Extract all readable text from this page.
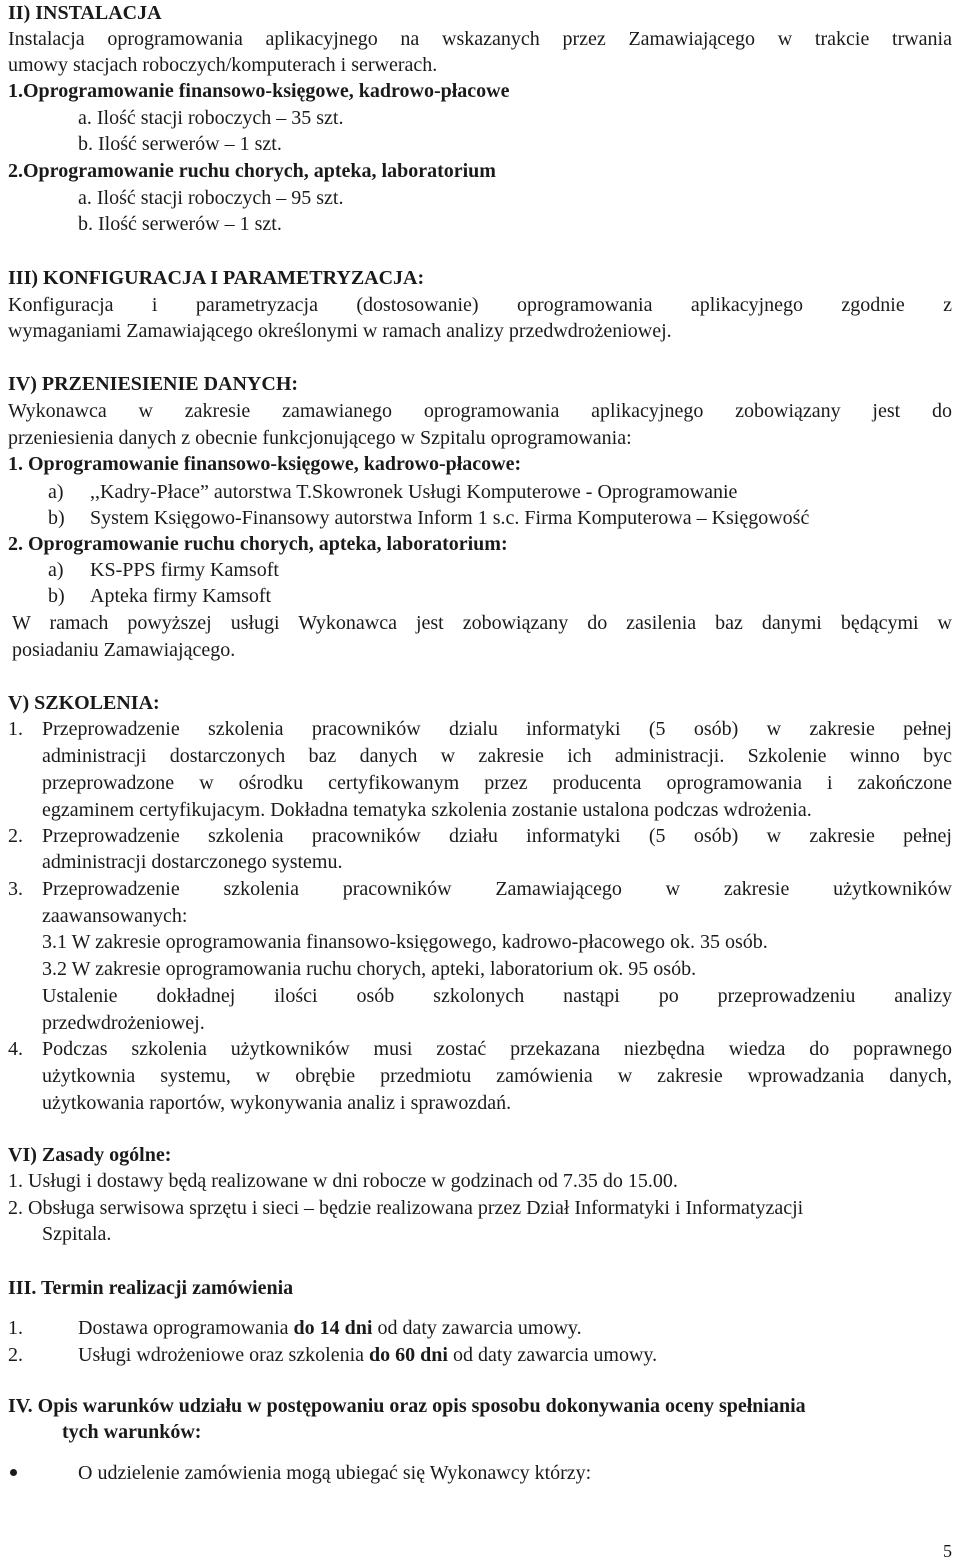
II) INSTALACJA
Instalacja oprogramowania aplikacyjnego na wskazanych przez Zamawiającego w trakcie trwania
umowy stacjach roboczych/komputerach i serwerach.
1.Oprogramowanie finansowo-księgowe, kadrowo-płacowe
a. Ilość stacji roboczych – 35 szt.
b. Ilość serwerów – 1 szt.
2.Oprogramowanie ruchu chorych, apteka, laboratorium
a. Ilość stacji roboczych – 95 szt.
b. Ilość serwerów – 1 szt.
III) KONFIGURACJA I PARAMETRYZACJA:
Konfiguracja i parametryzacja (dostosowanie) oprogramowania aplikacyjnego zgodnie z
wymaganiami Zamawiającego określonymi w ramach analizy przedwdrożeniowej.
IV) PRZENIESIENIE DANYCH:
Wykonawca w zakresie zamawianego oprogramowania aplikacyjnego zobowiązany jest do
przeniesienia danych z obecnie funkcjonującego w Szpitalu oprogramowania:
1. Oprogramowanie finansowo-księgowe, kadrowo-płacowe:
a) ,,Kadry-Płace” autorstwa T.Skowronek Usługi Komputerowe - Oprogramowanie
b) System Księgowo-Finansowy autorstwa Inform 1 s.c. Firma Komputerowa – Księgowość
2. Oprogramowanie ruchu chorych, apteka, laboratorium:
a) KS-PPS firmy Kamsoft
b) Apteka firmy Kamsoft
W ramach powyższej usługi Wykonawca jest zobowiązany do zasilenia baz danymi będącymi w
posiadaniu Zamawiającego.
V) SZKOLENIA:
1. Przeprowadzenie szkolenia pracowników dzialu informatyki (5 osób) w zakresie pełnej
administracji dostarczonych baz danych w zakresie ich administracji. Szkolenie winno byc
przeprowadzone w ośrodku certyfikowanym przez producenta oprogramowania i zakończone
egzaminem certyfikujacym. Dokładna tematyka szkolenia zostanie ustalona podczas wdrożenia.
2. Przeprowadzenie szkolenia pracowników działu informatyki (5 osób) w zakresie pełnej
administracji dostarczonego systemu.
3. Przeprowadzenie szkolenia pracowników Zamawiającego w zakresie użytkowników
zaawansowanych:
3.1 W zakresie oprogramowania finansowo-księgowego, kadrowo-płacowego ok. 35 osób.
3.2 W zakresie oprogramowania ruchu chorych, apteki, laboratorium ok. 95 osób.
Ustalenie dokładnej ilości osób szkolonych nastąpi po przeprowadzeniu analizy
przedwdrożeniowej.
4. Podczas szkolenia użytkowników musi zostać przekazana niezbędna wiedza do poprawnego
użytkownia systemu, w obrębie przedmiotu zamówienia w zakresie wprowadzania danych,
użytkowania raportów, wykonywania analiz i sprawozdań.
VI) Zasady ogólne:
1. Usługi i dostawy będą realizowane w dni robocze w godzinach od 7.35 do 15.00.
2. Obsługa serwisowa sprzętu i sieci – będzie realizowana przez Dział Informatyki i Informatyzacji
Szpitala.
III. Termin realizacji zamówienia
1.	Dostawa oprogramowania do 14 dni od daty zawarcia umowy.
2.	Usługi wdrożeniowe oraz szkolenia do 60 dni od daty zawarcia umowy.
IV. Opis warunków udziału w postępowaniu oraz opis sposobu dokonywania oceny spełniania
tych warunków:
O udzielenie zamówienia mogą ubiegać się Wykonawcy którzy:
5
